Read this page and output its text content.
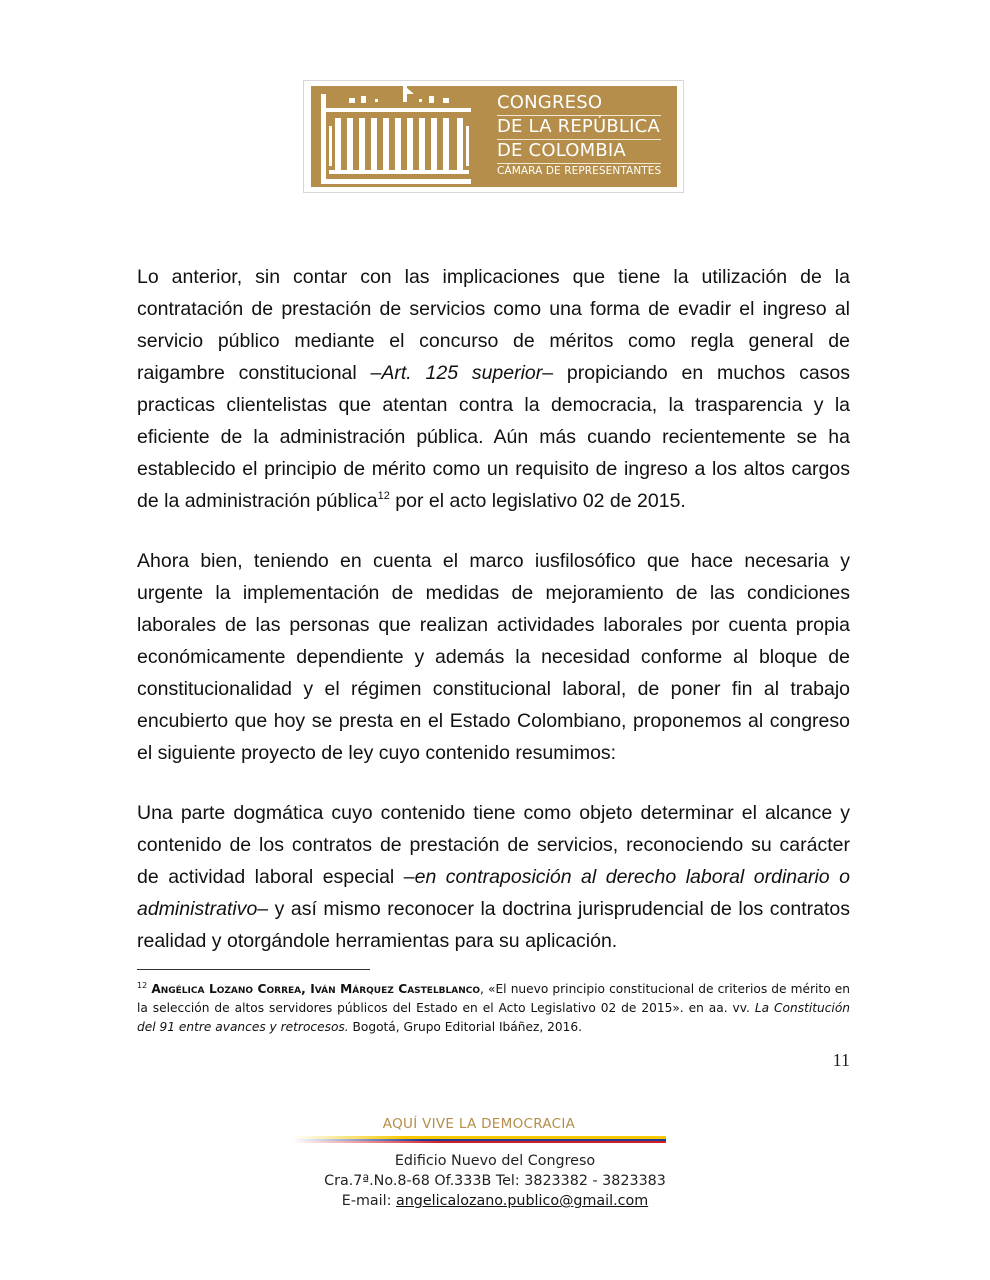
CONGRESO
DE LA REPÚBLICA
DE COLOMBIA
CÁMARA DE REPRESENTANTES

Lo anterior, sin contar con las implicaciones que tiene la utilización de la contratación de prestación de servicios como una forma de evadir el ingreso al servicio público mediante el concurso de méritos como regla general de raigambre constitucional –Art. 125 superior– propiciando en muchos casos practicas clientelistas que atentan contra la democracia, la trasparencia y la eficiente de la administración pública. Aún más cuando recientemente se ha establecido el principio de mérito como un requisito de ingreso a los altos cargos de la administración pública$^{12}$ por el acto legislativo 02 de 2015.

Ahora bien, teniendo en cuenta el marco iusfilosófico que hace necesaria y urgente la implementación de medidas de mejoramiento de las condiciones laborales de las personas que realizan actividades laborales por cuenta propia económicamente dependiente y además la necesidad conforme al bloque de constitucionalidad y el régimen constitucional laboral, de poner fin al trabajo encubierto que hoy se presta en el Estado Colombiano, proponemos al congreso el siguiente proyecto de ley cuyo contenido resumimos:

Una parte dogmática cuyo contenido tiene como objeto determinar el alcance y contenido de los contratos de prestación de servicios, reconociendo su carácter de actividad laboral especial –en contraposición al derecho laboral ordinario o administrativo– y así mismo reconocer la doctrina jurisprudencial de los contratos realidad y otorgándole herramientas para su aplicación.

$^{12}$ Angélica Lozano Correa, Iván Márquez Castelblanco, «El nuevo principio constitucional de criterios de mérito en la selección de altos servidores públicos del Estado en el Acto Legislativo 02 de 2015». en aa. vv. La Constitución del 91 entre avances y retrocesos. Bogotá, Grupo Editorial Ibáñez, 2016.
11
AQUÍ VIVE LA DEMOCRACIA
Edificio Nuevo del Congreso
Cra.7ª.No.8-68 Of.333B Tel: 3823382 - 3823383
E-mail: angelicalozano.publico@gmail.com
